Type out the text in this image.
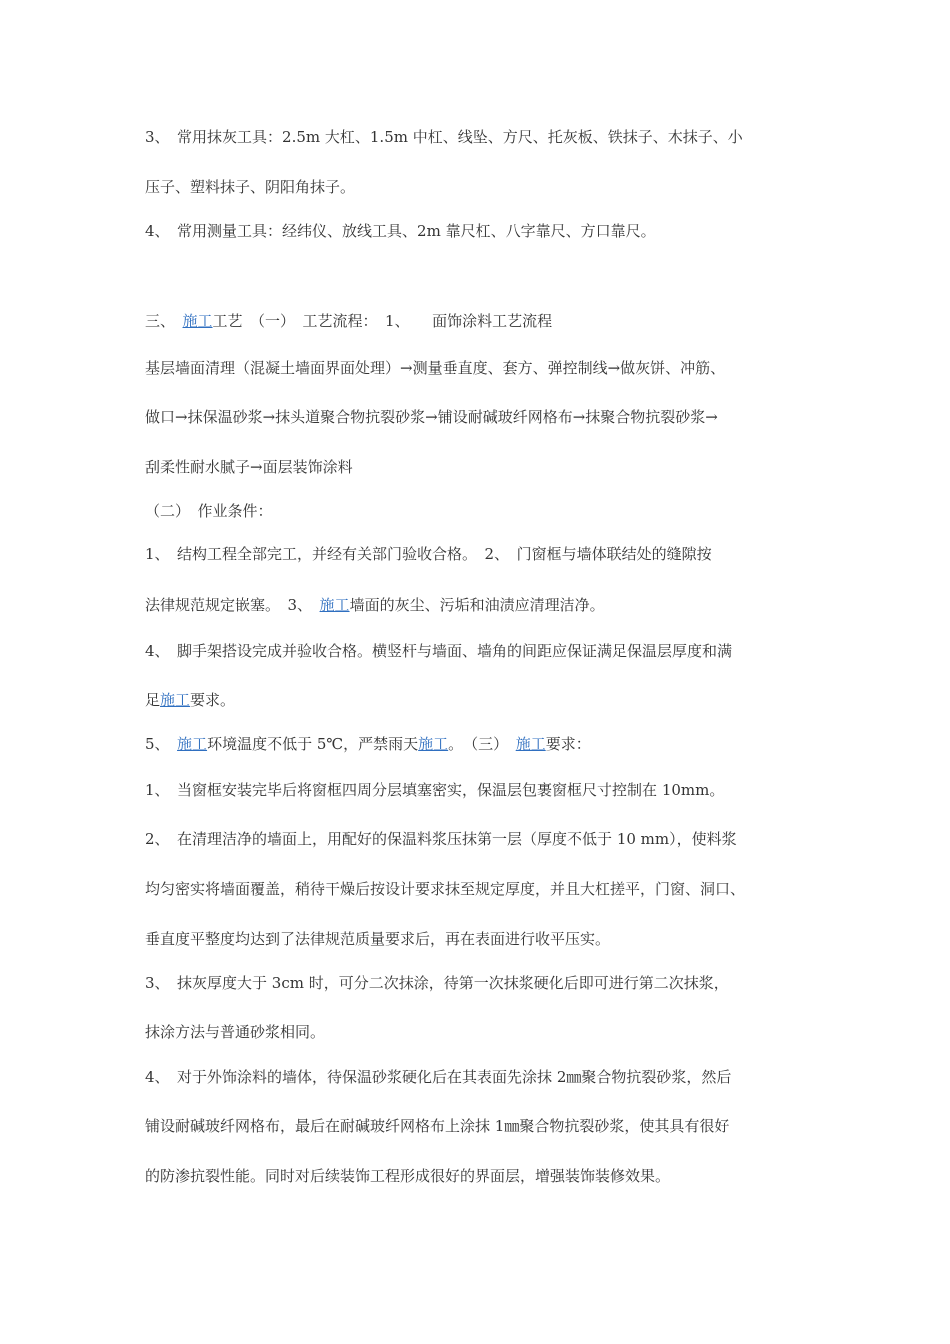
3、　常用抹灰工具：2.5m 大杠、1.5m 中杠、线坠、方尺、托灰板、铁抹子、木抹子、小
压子、塑料抹子、阴阳角抹子。
4、　常用测量工具：经纬仪、放线工具、2m 靠尺杠、八字靠尺、方口靠尺。
三、　施工工艺　（一）　工艺流程：　1、　　面饰涂料工艺流程
基层墙面清理（混凝土墙面界面处理）→测量垂直度、套方、弹控制线→做灰饼、冲筋、
做口→抹保温砂浆→抹头道聚合物抗裂砂浆→铺设耐碱玻纤网格布→抹聚合物抗裂砂浆→
刮柔性耐水腻子→面层装饰涂料
（二）　作业条件：
1、　结构工程全部完工，并经有关部门验收合格。　2、　门窗框与墙体联结处的缝隙按
法律规范规定嵌塞。　3、　施工墙面的灰尘、污垢和油渍应清理洁净。
4、　脚手架搭设完成并验收合格。横竖杆与墙面、墙角的间距应保证满足保温层厚度和满
足施工要求。
5、　施工环境温度不低于 5℃，严禁雨天施工。　（三）　施工要求：
1、　当窗框安装完毕后将窗框四周分层填塞密实，保温层包裹窗框尺寸控制在 10mm。
2、　在清理洁净的墙面上，用配好的保温料浆压抹第一层（厚度不低于 10 mm），使料浆
均匀密实将墙面覆盖，稍待干燥后按设计要求抹至规定厚度，并且大杠搓平，门窗、洞口、
垂直度平整度均达到了法律规范质量要求后，再在表面进行收平压实。
3、　抹灰厚度大于 3cm 时，可分二次抹涂，待第一次抹浆硬化后即可进行第二次抹浆，
抹涂方法与普通砂浆相同。
4、　对于外饰涂料的墙体，待保温砂浆硬化后在其表面先涂抹 2㎜聚合物抗裂砂浆，然后
铺设耐碱玻纤网格布，最后在耐碱玻纤网格布上涂抹 1㎜聚合物抗裂砂浆，使其具有很好
的防渗抗裂性能。同时对后续装饰工程形成很好的界面层，增强装饰装修效果。
